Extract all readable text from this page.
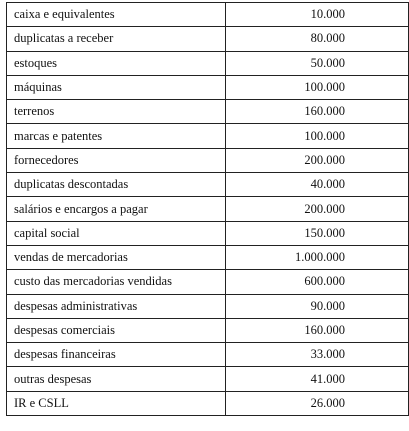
caixa e equivalentes	10.000
duplicatas a receber	80.000
estoques	50.000
máquinas	100.000
terrenos	160.000
marcas e patentes	100.000
fornecedores	200.000
duplicatas descontadas	40.000
salários e encargos a pagar	200.000
capital social	150.000
vendas de mercadorias	1.000.000
custo das mercadorias vendidas	600.000
despesas administrativas	90.000
despesas comerciais	160.000
despesas financeiras	33.000
outras despesas	41.000
IR e CSLL	26.000
